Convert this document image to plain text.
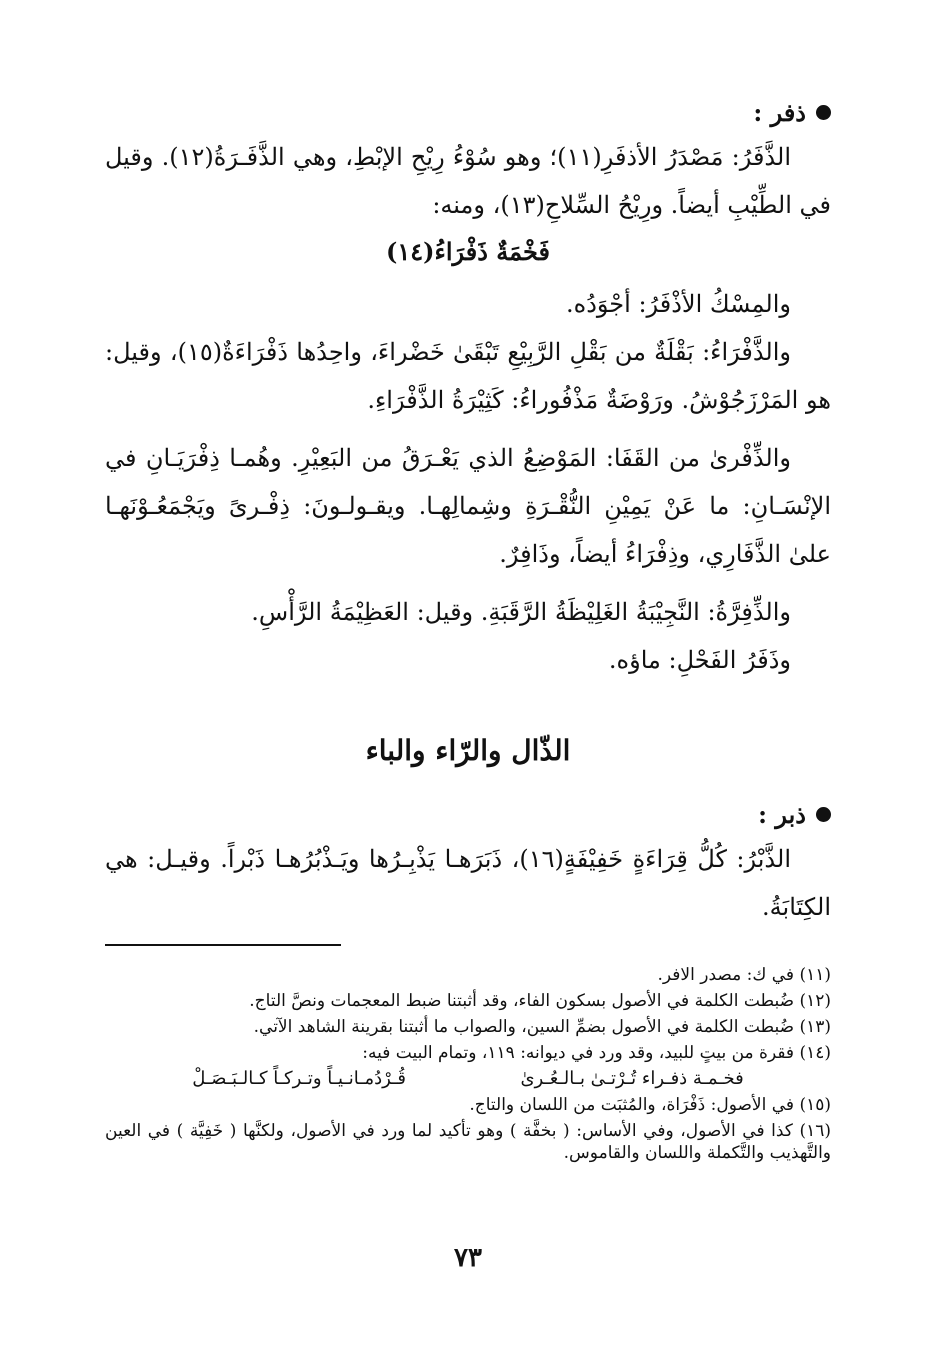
ذفر :

الذَّفَرُ: مَصْدَرُ الأذفَرِ(١١)؛ وهو سُوْءُ رِيْحِ الإبْطِ، وهي الذَّفَـرَةُ(١٢). وقيل في الطِّيْبِ أيضاً. ورِيْحُ السِّلاحِ(١٣)، ومنه:

فَخْمَةٌ ذَفْرَاءُ(١٤)

والمِسْكُ الأذْفَرُ: أجْوَدُه.

والذَّفْرَاءُ: بَقْلَةٌ من بَقْلِ الرَّبِيْعِ تَبْقَىٰ خَضْراءَ، واحِدُها ذَفْرَاءَةٌ(١٥)، وقيل: هو المَرْزَجُوْشُ. ورَوْضَةٌ مَذْفُوراءُ: كَثِيْرَةُ الذَّفْرَاءِ.

والذِّفْرىٰ من القَفَا: المَوْضِعُ الذي يَعْـرَقُ من البَعِيْرِ. وهُمـا ذِفْرَيَـانِ في الإنْسَـانِ: ما عَنْ يَمِيْنِ النُّقْـرَةِ وشِمالِهـا. ويقـولـونَ: ذِفْـرىً ويَجْمَعُـوْنَهـا علىٰ الذَّفَارِي، وذِفْرَاءُ أيضاً، وذَافِرٌ.

والذِّفِرَّةُ: النَّجِيْبَةُ الغَلِيْظَةُ الرَّقَبَةِ. وقيل: العَظِيْمَةُ الرَّأْسِ.

وذَفَرُ الفَحْلِ: ماؤه.

الذّال والرّاء والباء
ذبر :

الذَّبْرُ: كُلُّ قِرَاءَةٍ خَفِيْفَةٍ(١٦)، ذَبَرَهـا يَذْبِـرُها ويَـذْبُرُهـا ذَبْراً. وقيـل: هي الكِتَابَةُ.

(١١) في ك: مصدر الافر.

(١٢) ضُبطت الكلمة في الأصول بسكون الفاء، وقد أثبتنا ضبط المعجمات ونصَّ التاج.

(١٣) ضُبطت الكلمة في الأصول بضمِّ السين، والصواب ما أثبتنا بقرينة الشاهد الآتي.

(١٤) فقرة من بيتٍ للبيد، وقد ورد في ديوانه: ١١٩، وتمام البيت فيه:

فخـمـة ذفـراء تُـرْتـىٰ بـالـعُـرىٰ
قُـرْدُمـانـيـاً وتـركـاً كـالـبَـصَـلْ

(١٥) في الأصول: ذَفْرَاة، والمُثبَت من اللسان والتاج.

(١٦) كذا في الأصول، وفي الأساس: ( بخفَّة ) وهو تأكيد لما ورد في الأصول، ولكنَّها ( خَفِيَّة ) في العين والتَّهذيب والتَّكملة واللسان والقاموس.

٧٣
